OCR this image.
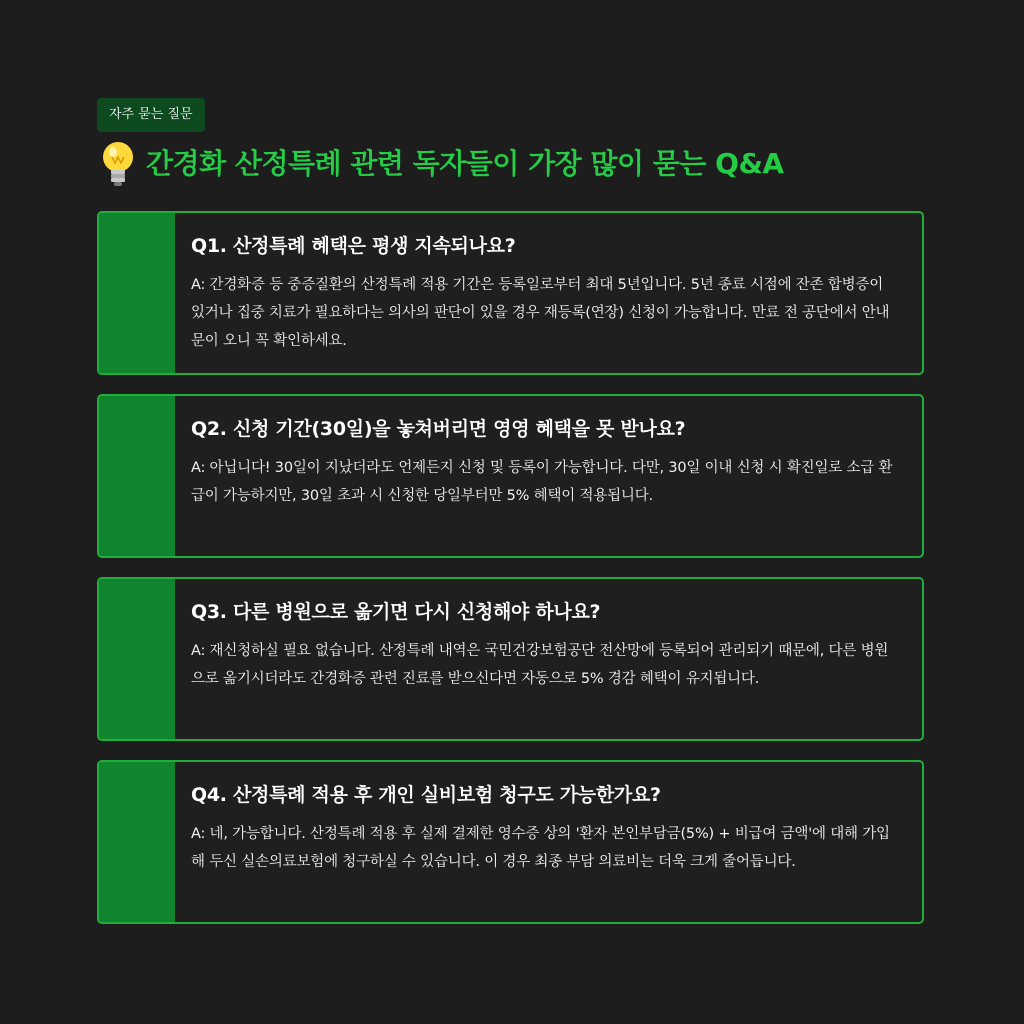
자주 묻는 질문
간경화 산정특례 관련 독자들이 가장 많이 묻는 Q&A
Q1. 산정특례 혜택은 평생 지속되나요?
A: 간경화증 등 중증질환의 산정특례 적용 기간은 등록일로부터 최대 5년입니다. 5년 종료 시점에 잔존 합병증이 있거나 집중 치료가 필요하다는 의사의 판단이 있을 경우 재등록(연장) 신청이 가능합니다. 만료 전 공단에서 안내문이 오니 꼭 확인하세요.
Q2. 신청 기간(30일)을 놓쳐버리면 영영 혜택을 못 받나요?
A: 아닙니다! 30일이 지났더라도 언제든지 신청 및 등록이 가능합니다. 다만, 30일 이내 신청 시 확진일로 소급 환급이 가능하지만, 30일 초과 시 신청한 당일부터만 5% 혜택이 적용됩니다.
Q3. 다른 병원으로 옮기면 다시 신청해야 하나요?
A: 재신청하실 필요 없습니다. 산정특례 내역은 국민건강보험공단 전산망에 등록되어 관리되기 때문에, 다른 병원으로 옮기시더라도 간경화증 관련 진료를 받으신다면 자동으로 5% 경감 혜택이 유지됩니다.
Q4. 산정특례 적용 후 개인 실비보험 청구도 가능한가요?
A: 네, 가능합니다. 산정특례 적용 후 실제 결제한 영수증 상의 '환자 본인부담금(5%) + 비급여 금액'에 대해 가입해 두신 실손의료보험에 청구하실 수 있습니다. 이 경우 최종 부담 의료비는 더욱 크게 줄어듭니다.
